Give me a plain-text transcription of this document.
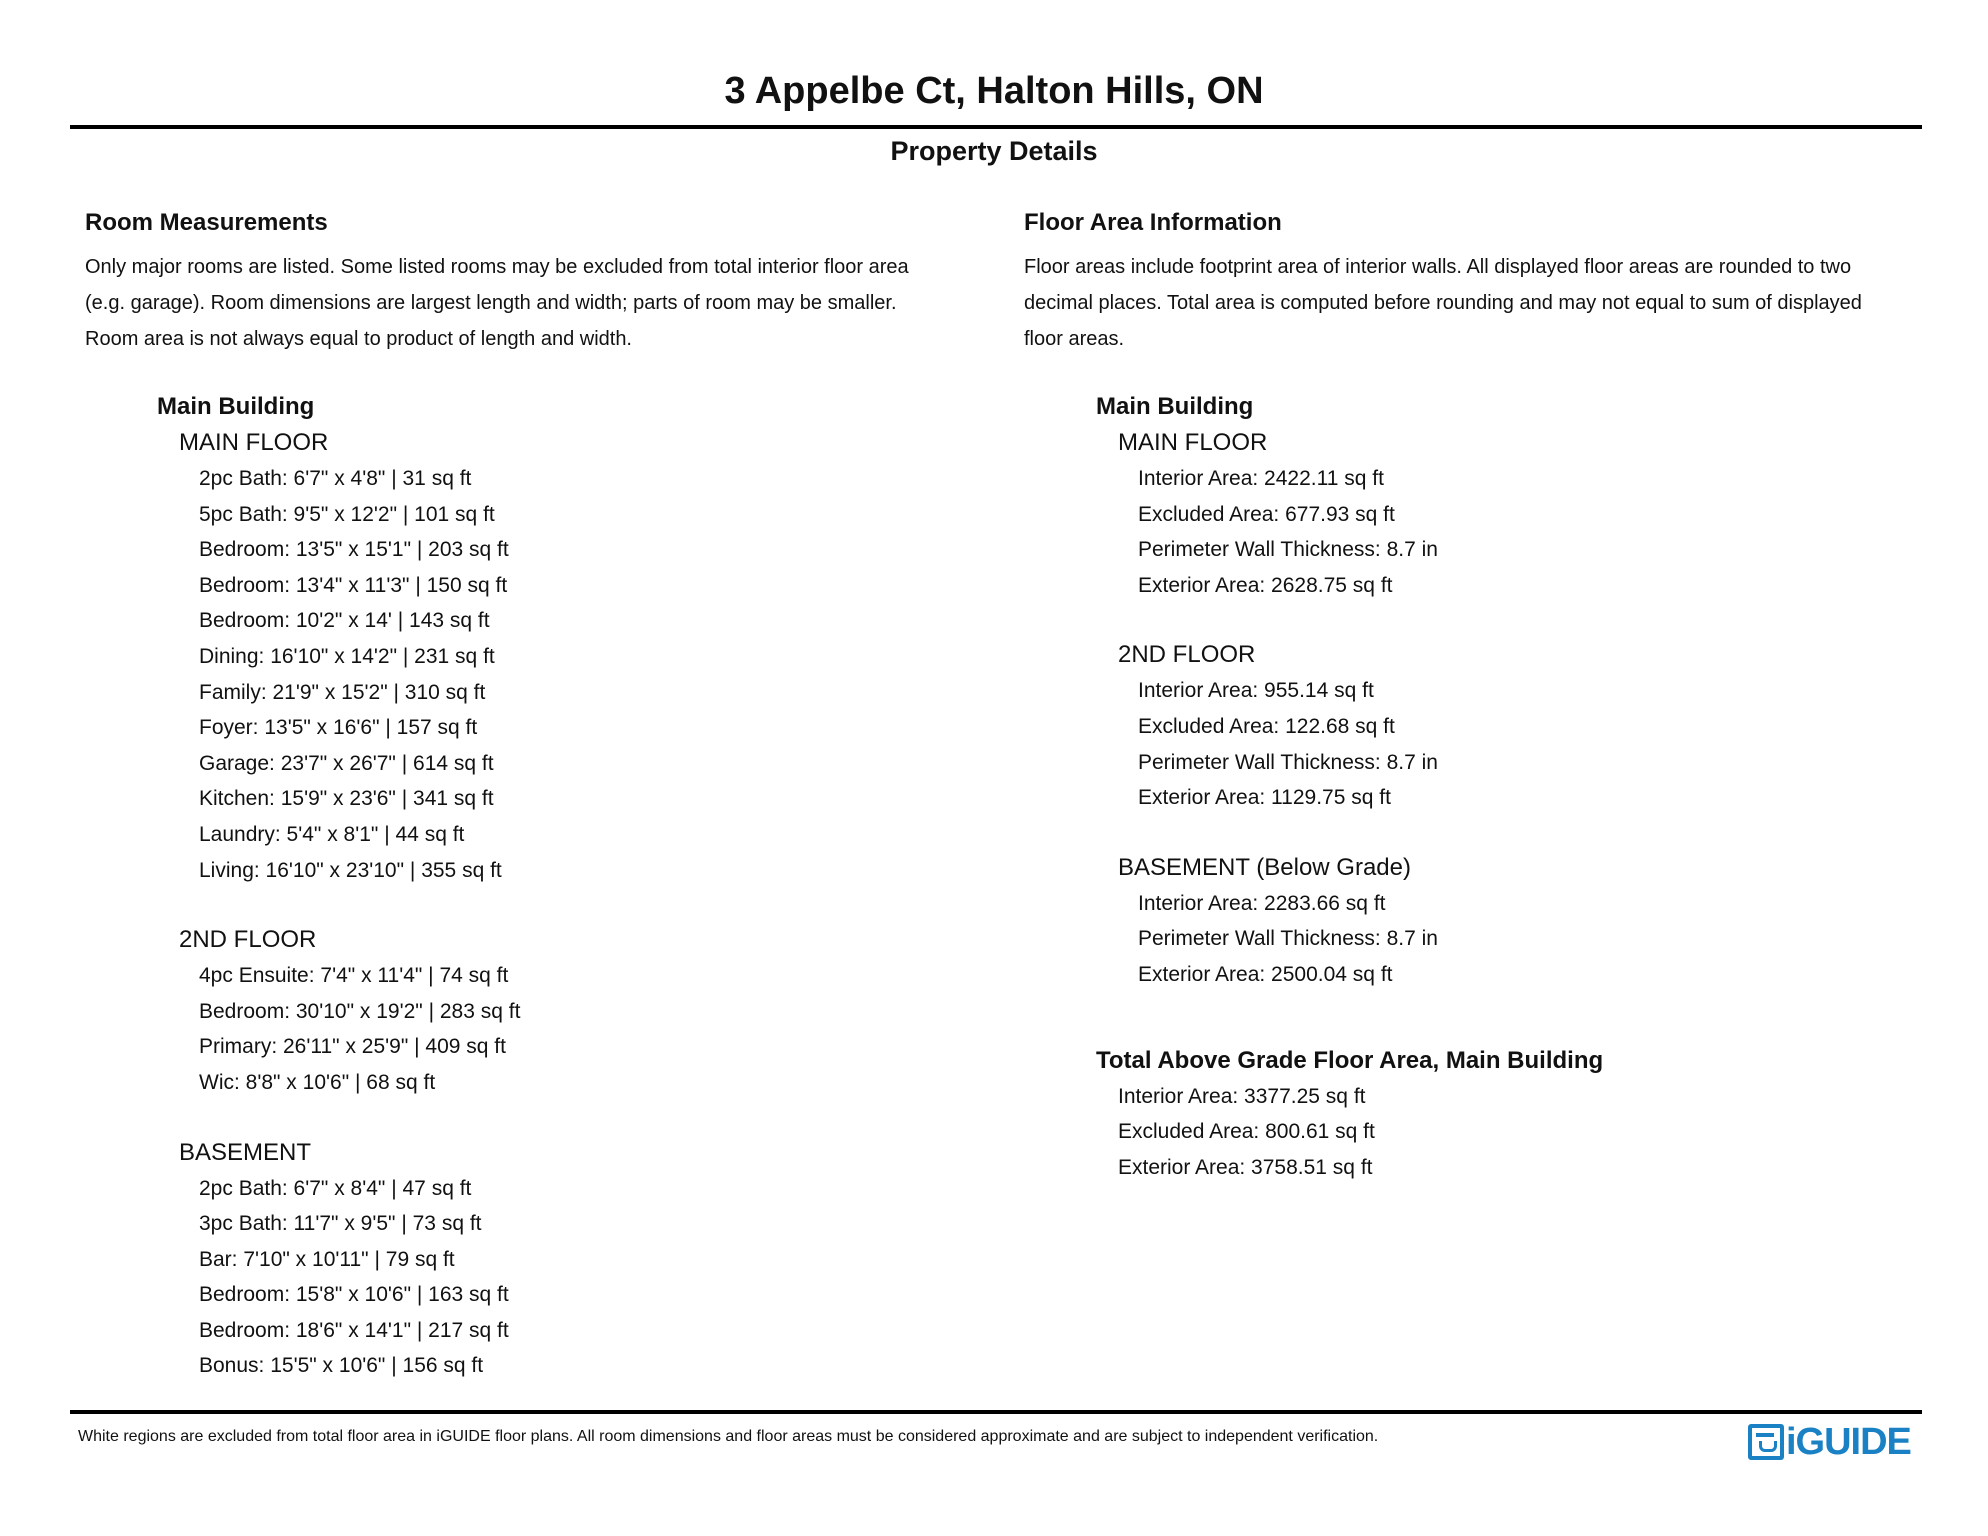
3 Appelbe Ct, Halton Hills, ON
Property Details

Room Measurements

Only major rooms are listed. Some listed rooms may be excluded from total interior floor area

(e.g. garage). Room dimensions are largest length and width; parts of room may be smaller.

Room area is not always equal to product of length and width.

Main Building

MAIN FLOOR

2pc Bath: 6'7" x 4'8" | 31 sq ft

5pc Bath: 9'5" x 12'2" | 101 sq ft

Bedroom: 13'5" x 15'1" | 203 sq ft

Bedroom: 13'4" x 11'3" | 150 sq ft

Bedroom: 10'2" x 14' | 143 sq ft

Dining: 16'10" x 14'2" | 231 sq ft

Family: 21'9" x 15'2" | 310 sq ft

Foyer: 13'5" x 16'6" | 157 sq ft

Garage: 23'7" x 26'7" | 614 sq ft

Kitchen: 15'9" x 23'6" | 341 sq ft

Laundry: 5'4" x 8'1" | 44 sq ft

Living: 16'10" x 23'10" | 355 sq ft

2ND FLOOR

4pc Ensuite: 7'4" x 11'4" | 74 sq ft

Bedroom: 30'10" x 19'2" | 283 sq ft

Primary: 26'11" x 25'9" | 409 sq ft

Wic: 8'8" x 10'6" | 68 sq ft

BASEMENT

2pc Bath: 6'7" x 8'4" | 47 sq ft

3pc Bath: 11'7" x 9'5" | 73 sq ft

Bar: 7'10" x 10'11" | 79 sq ft

Bedroom: 15'8" x 10'6" | 163 sq ft

Bedroom: 18'6" x 14'1" | 217 sq ft

Bonus: 15'5" x 10'6" | 156 sq ft

Floor Area Information

Floor areas include footprint area of interior walls. All displayed floor areas are rounded to two

decimal places. Total area is computed before rounding and may not equal to sum of displayed

floor areas.

Main Building

MAIN FLOOR

Interior Area: 2422.11 sq ft

Excluded Area: 677.93 sq ft

Perimeter Wall Thickness: 8.7 in

Exterior Area: 2628.75 sq ft

2ND FLOOR

Interior Area: 955.14 sq ft

Excluded Area: 122.68 sq ft

Perimeter Wall Thickness: 8.7 in

Exterior Area: 1129.75 sq ft

BASEMENT (Below Grade)

Interior Area: 2283.66 sq ft

Perimeter Wall Thickness: 8.7 in

Exterior Area: 2500.04 sq ft

Total Above Grade Floor Area, Main Building

Interior Area: 3377.25 sq ft

Excluded Area: 800.61 sq ft

Exterior Area: 3758.51 sq ft

White regions are excluded from total floor area in iGUIDE floor plans. All room dimensions and floor areas must be considered approximate and are subject to independent verification.	iGUIDE
